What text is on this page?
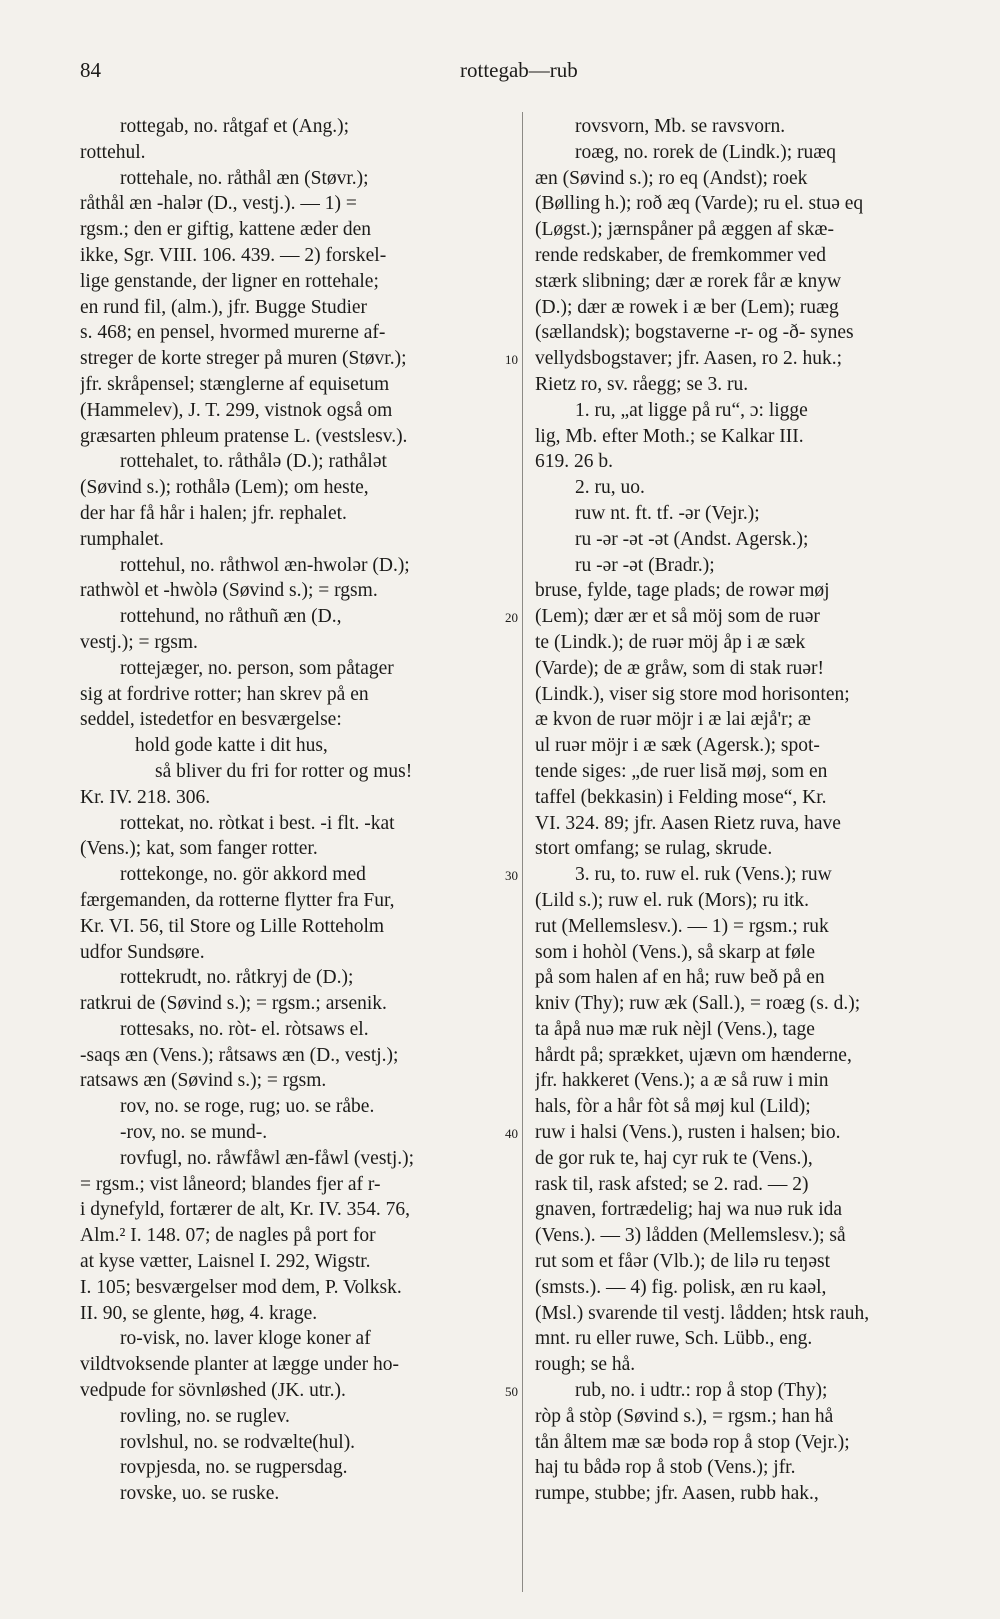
84	rottegab—rub
rottegab, no. råtgaf et (Ang.);
rottehul.
rottehale, no. råthål æn (Støvr.);
råthål æn -halər (D., vestj.). — 1) =
rgsm.; den er giftig, kattene æder den
ikke, Sgr. VIII. 106. 439. — 2) forskel-
lige genstande, der ligner en rottehale;
en rund fil, (alm.), jfr. Bugge Studier
s. 468; en pensel, hvormed murerne af-
streger de korte streger på muren (Støvr.);
jfr. skråpensel; stænglerne af equisetum
(Hammelev), J. T. 299, vistnok også om
græsarten phleum pratense L. (vestslesv.).
rottehalet, to. råthålə (D.); rathålət
(Søvind s.); rothålə (Lem); om heste,
der har få hår i halen; jfr. rephalet.
rumphalet.
rottehul, no. råthwol æn-hwolər (D.);
rathwòl et -hwòlə (Søvind s.); = rgsm.
rottehund, no råthuñ æn (D.,
vestj.); = rgsm.
rottejæger, no. person, som påtager
sig at fordrive rotter; han skrev på en
seddel, istedetfor en besværgelse:
hold gode katte i dit hus,
så bliver du fri for rotter og mus!
Kr. IV. 218. 306.
rottekat, no. ròtkat i best. -i flt. -kat
(Vens.); kat, som fanger rotter.
rottekonge, no. gör akkord med
færgemanden, da rotterne flytter fra Fur,
Kr. VI. 56, til Store og Lille Rotteholm
udfor Sundsøre.
rottekrudt, no. råtkryj de (D.);
ratkrui de (Søvind s.); = rgsm.; arsenik.
rottesaks, no. ròt- el. ròtsaws el.
-saqs æn (Vens.); råtsaws æn (D., vestj.);
ratsaws æn (Søvind s.); = rgsm.
rov, no. se roge, rug; uo. se råbe.
-rov, no. se mund-.
rovfugl, no. råwfåwl æn-fåwl (vestj.);
= rgsm.; vist låneord; blandes fjer af r-
i dynefyld, fortærer de alt, Kr. IV. 354. 76,
Alm.² I. 148. 07; de nagles på port for
at kyse vætter, Laisnel I. 292, Wigstr.
I. 105; besværgelser mod dem, P. Volksk.
II. 90, se glente, høg, 4. krage.
ro-visk, no. laver kloge koner af
vildtvoksende planter at lægge under ho-
vedpude for sövnløshed (JK. utr.).
rovling, no. se ruglev.
rovlshul, no. se rodvælte(hul).
rovpjesda, no. se rugpersdag.
rovske, uo. se ruske.
rovsvorn, Mb. se ravsvorn.
roæg, no. rorek de (Lindk.); ruæq
æn (Søvind s.); ro eq (Andst); roek
(Bølling h.); roð æq (Varde); ru el. stuə eq
(Løgst.); jærnspåner på æggen af skæ-
rende redskaber, de fremkommer ved
stærk slibning; dær æ rorek får æ knyw
(D.); dær æ rowek i æ ber (Lem); ruæg
(sællandsk); bogstaverne -r- og -ð- synes
vellydsbogstaver; jfr. Aasen, ro 2. huk.;
Rietz ro, sv. råegg; se 3. ru.
1. ru, „at ligge på ru“, ɔ: ligge
lig, Mb. efter Moth.; se Kalkar III.
619. 26 b.
2. ru, uo.
ruw nt. ft. tf. -ər (Vejr.);
ru -ər -ət -ət (Andst. Agersk.);
ru -ər -ət (Bradr.);
bruse, fylde, tage plads; de rowər møj
(Lem); dær ær et så möj som de ruər
te (Lindk.); de ruər möj åp i æ sæk
(Varde); de æ gråw, som di stak ruər!
(Lindk.), viser sig store mod horisonten;
æ kvon de ruər möjr i æ lai æjå'r; æ
ul ruər möjr i æ sæk (Agersk.); spot-
tende siges: „de ruer lisă møj, som en
taffel (bekkasin) i Felding mose“, Kr.
VI. 324. 89; jfr. Aasen Rietz ruva, have
stort omfang; se rulag, skrude.
3. ru, to. ruw el. ruk (Vens.); ruw
(Lild s.); ruw el. ruk (Mors); ru itk.
rut (Mellemslesv.). — 1) = rgsm.; ruk
som i hohòl (Vens.), så skarp at føle
på som halen af en hå; ruw beð på en
kniv (Thy); ruw æk (Sall.), = roæg (s. d.);
ta åpå nuə mæ ruk nèjl (Vens.), tage
hårdt på; sprækket, ujævn om hænderne,
jfr. hakkeret (Vens.); a æ så ruw i min
hals, fòr a hår fòt så møj kul (Lild);
ruw i halsi (Vens.), rusten i halsen; bio.
de gor ruk te, haj cyr ruk te (Vens.),
rask til, rask afsted; se 2. rad. — 2)
gnaven, fortrædelig; haj wa nuə ruk ida
(Vens.). — 3) lådden (Mellemslesv.); så
rut som et fåər (Vlb.); de lilə ru teŋəst
(smsts.). — 4) fig. polisk, æn ru kaəl,
(Msl.) svarende til vestj. lådden; htsk rauh,
mnt. ru eller ruwe, Sch. Lübb., eng.
rough; se hå.
rub, no. i udtr.: rop å stop (Thy);
ròp å stòp (Søvind s.), = rgsm.; han hå
tån åltem mæ sæ bodə rop å stop (Vejr.);
haj tu bådə rop å stob (Vens.); jfr.
rumpe, stubbe; jfr. Aasen, rubb hak.,
10
20
30
40
50
